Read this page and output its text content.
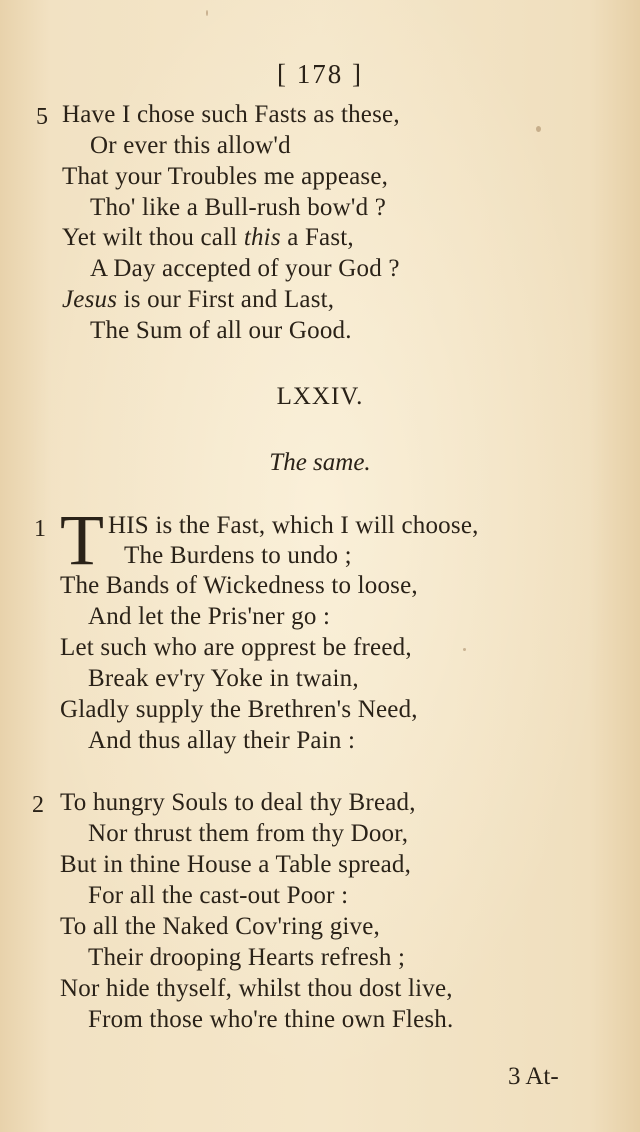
[ 178 ]
5 Have I chose such Fasts as these,
Or ever this allow'd
That your Troubles me appease,
Tho' like a Bull-rush bow'd ?
Yet wilt thou call this a Fast,
A Day accepted of your God ?
Jesus is our First and Last,
The Sum of all our Good.
LXXIV.
The same.
1 T HIS is the Fast, which I will choose,
The Burdens to undo ;
The Bands of Wickedness to loose,
And let the Pris'ner go :
Let such who are opprest be freed,
Break ev'ry Yoke in twain,
Gladly supply the Brethren's Need,
And thus allay their Pain :
2 To hungry Souls to deal thy Bread,
Nor thrust them from thy Door,
But in thine House a Table spread,
For all the cast-out Poor :
To all the Naked Cov'ring give,
Their drooping Hearts refresh ;
Nor hide thyself, whilst thou dost live,
From those who're thine own Flesh.
3 At-
